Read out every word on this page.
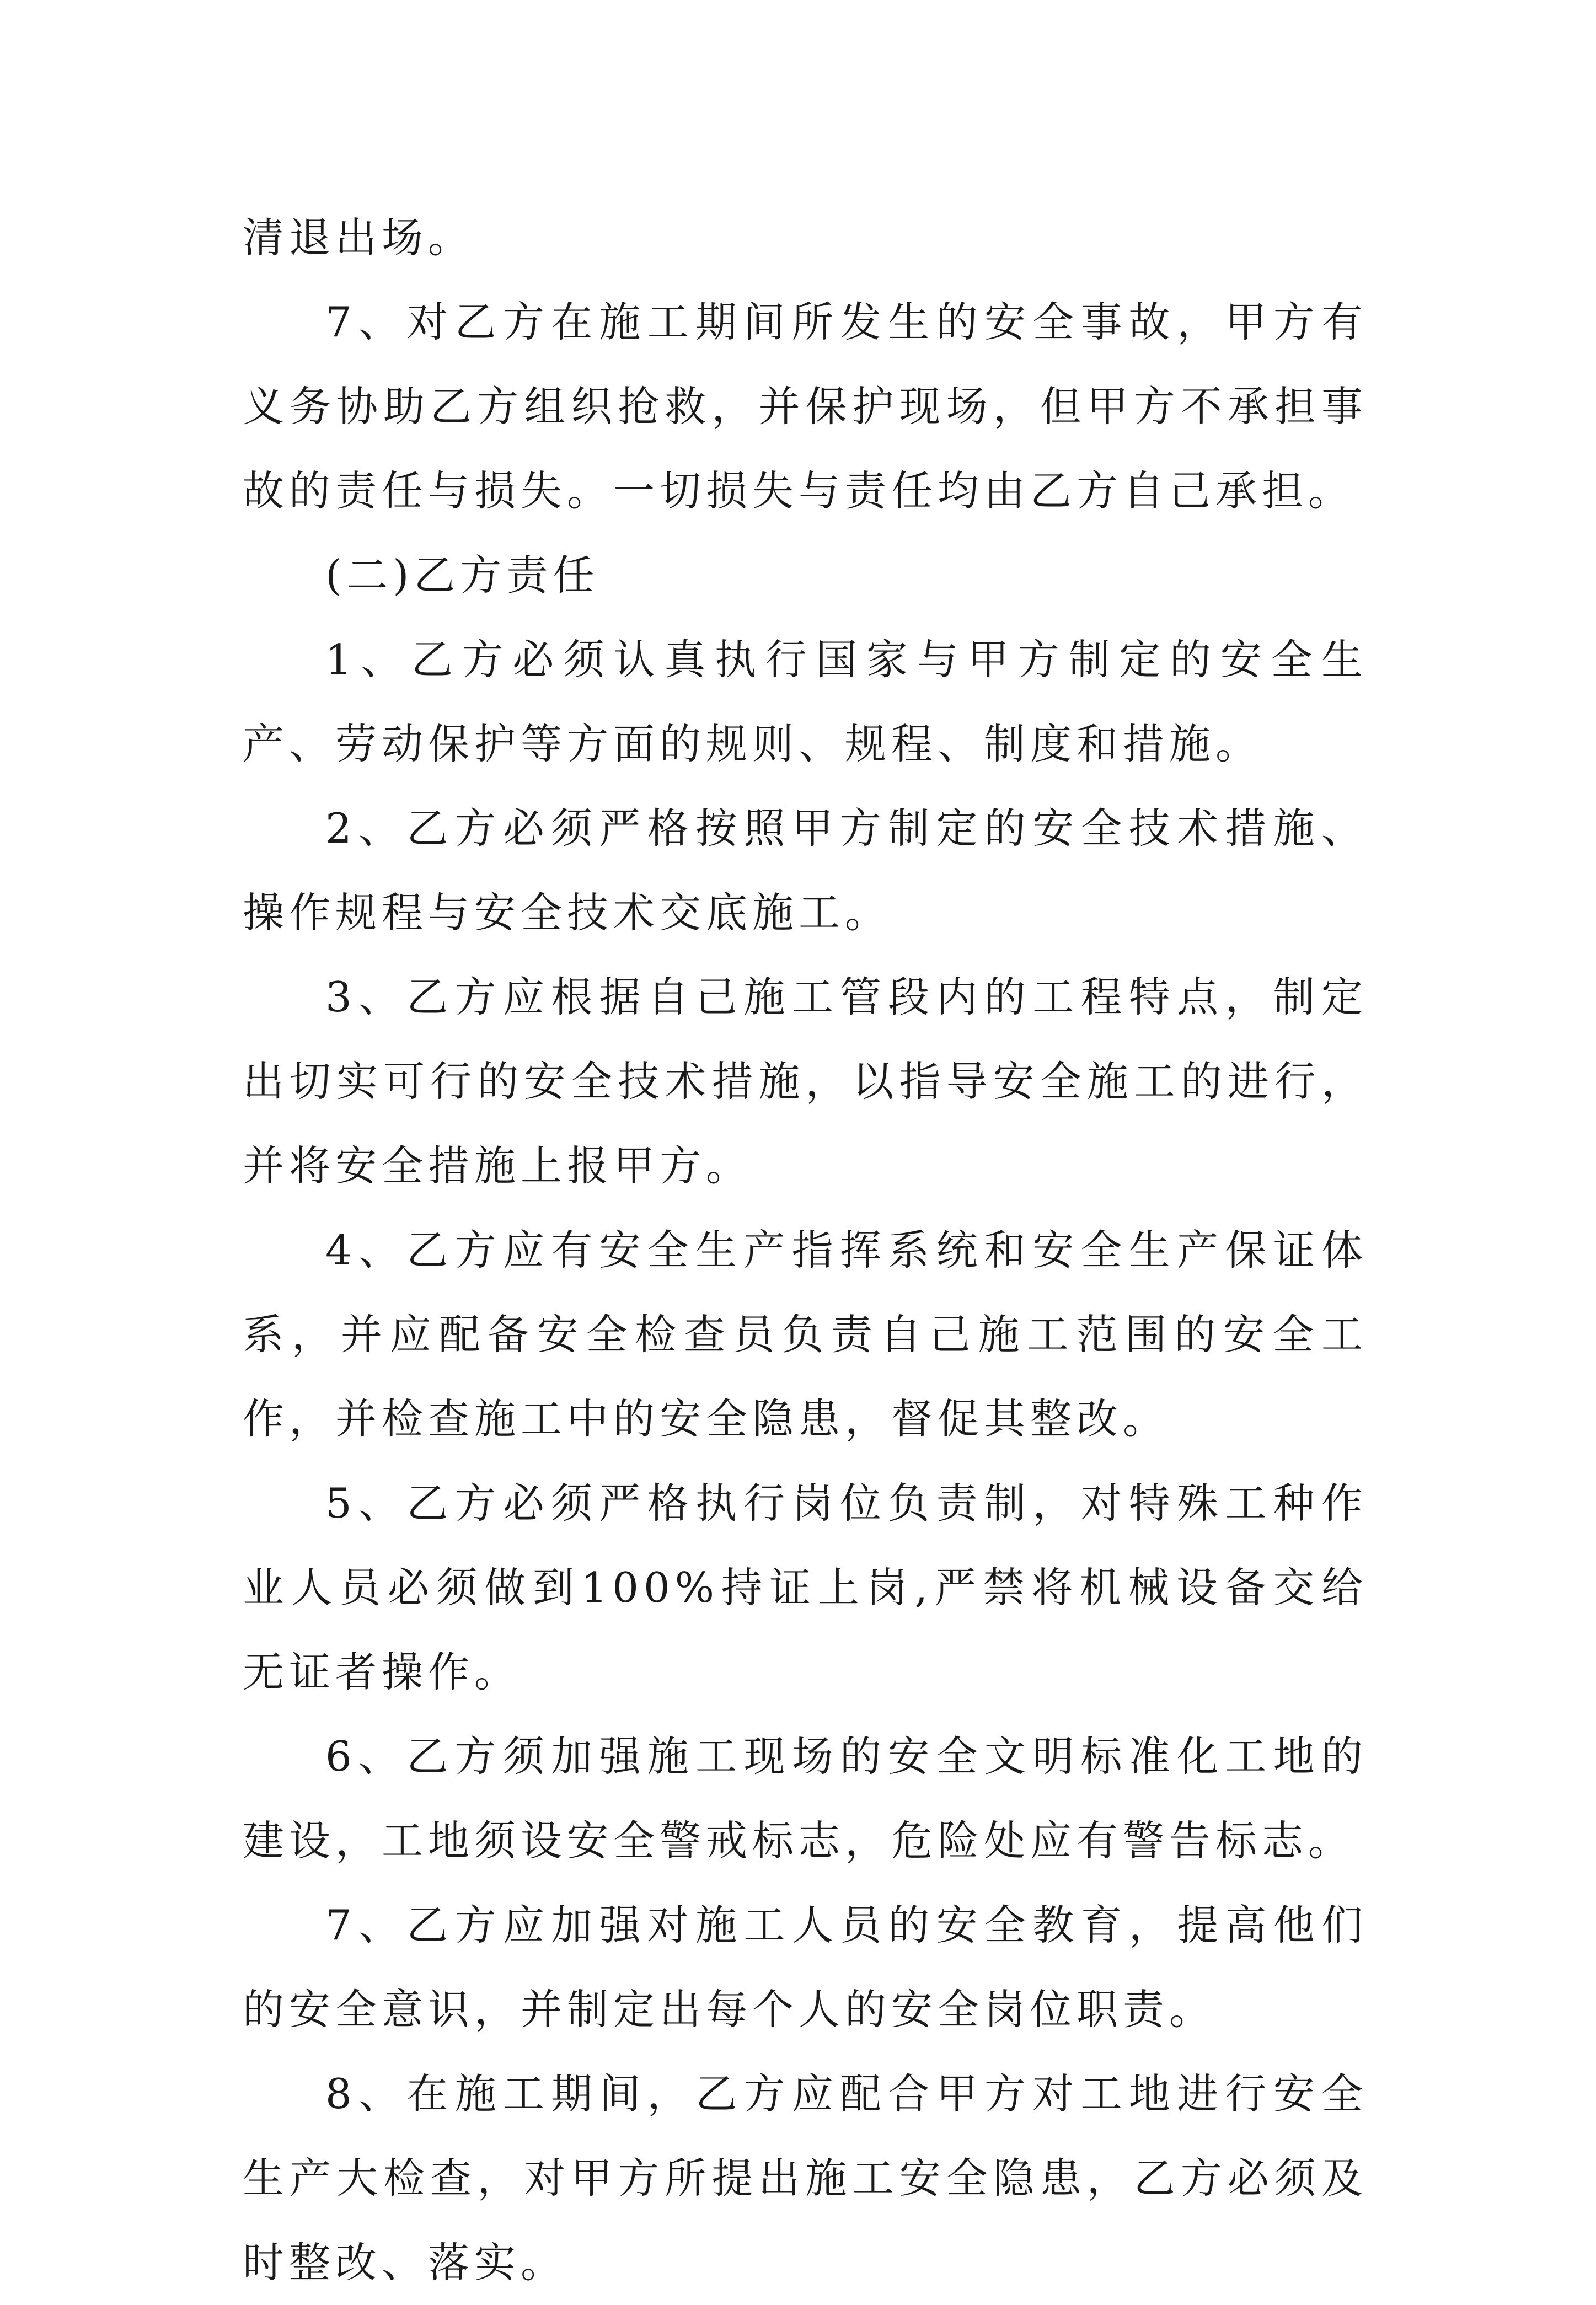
清退出场。

7、对乙方在施工期间所发生的安全事故，甲方有义务协助乙方组织抢救，并保护现场，但甲方不承担事故的责任与损失。一切损失与责任均由乙方自己承担。

(二)乙方责任

1、乙方必须认真执行国家与甲方制定的安全生产、劳动保护等方面的规则、规程、制度和措施。

2、乙方必须严格按照甲方制定的安全技术措施、操作规程与安全技术交底施工。

3、乙方应根据自己施工管段内的工程特点，制定出切实可行的安全技术措施，以指导安全施工的进行，并将安全措施上报甲方。

4、乙方应有安全生产指挥系统和安全生产保证体系，并应配备安全检查员负责自己施工范围的安全工作，并检查施工中的安全隐患，督促其整改。

5、乙方必须严格执行岗位负责制，对特殊工种作业人员必须做到100%持证上岗,严禁将机械设备交给无证者操作。

6、乙方须加强施工现场的安全文明标准化工地的建设，工地须设安全警戒标志，危险处应有警告标志。

7、乙方应加强对施工人员的安全教育，提高他们的安全意识，并制定出每个人的安全岗位职责。

8、在施工期间，乙方应配合甲方对工地进行安全生产大检查，对甲方所提出施工安全隐患，乙方必须及时整改、落实。
